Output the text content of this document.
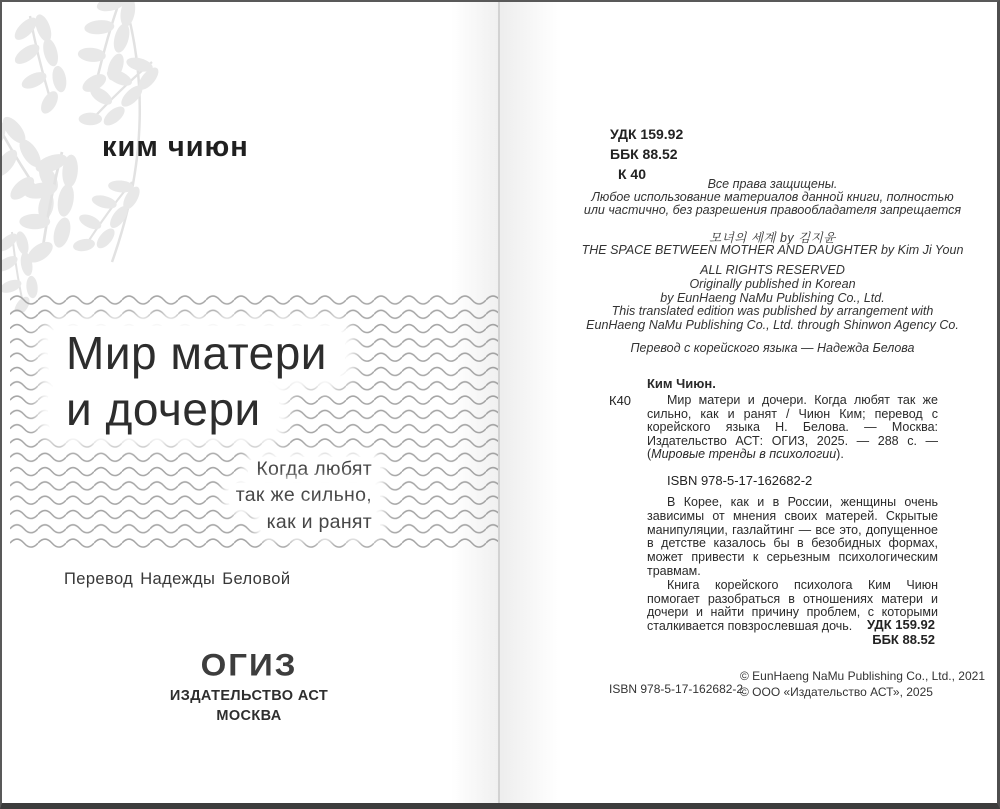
ким чиюн
Мир матери
и дочери
Когда любят
так же сильно,
как и ранят
Перевод Надежды Беловой
ОГИЗ
ИЗДАТЕЛЬСТВО АСТ
МОСКВА
УДК 159.92
ББК 88.52
К 40
Все права защищены.
Любое использование материалов данной книги, полностью
или частично, без разрешения правообладателя запрещается
모녀의 세계 by 김지윤
THE SPACE BETWEEN MOTHER AND DAUGHTER by Kim Ji Youn
ALL RIGHTS RESERVED
Originally published in Korean
by EunHaeng NaMu Publishing Co., Ltd.
This translated edition was published by arrangement with
EunHaeng NaMu Publishing Co., Ltd. through Shinwon Agency Co.
Перевод с корейского языка — Надежда Белова
К40
Ким Чиюн.

Мир матери и дочери. Когда любят так же сильно, как и ранят / Чиюн Ким; перевод с корейского языка Н. Белова. — Москва: Издательство АСТ: ОГИЗ, 2025. — 288 с. — (Мировые тренды в психологии).

ISBN 978-5-17-162682-2

В Корее, как и в России, женщины очень зависимы от мнения своих матерей. Скрытые манипуляции, газлайтинг — все это, допущенное в детстве казалось бы в безобидных формах, может привести к серьезным психологическим травмам.

Книга корейского психолога Ким Чиюн помогает разобраться в отношениях матери и дочери и найти причину проблем, с которыми сталкивается повзрослевшая дочь.	УДК 159.92
ББК 88.52
ISBN 978-5-17-162682-2
© EunHaeng NaMu Publishing Co., Ltd., 2021
© ООО «Издательство АСТ», 2025
